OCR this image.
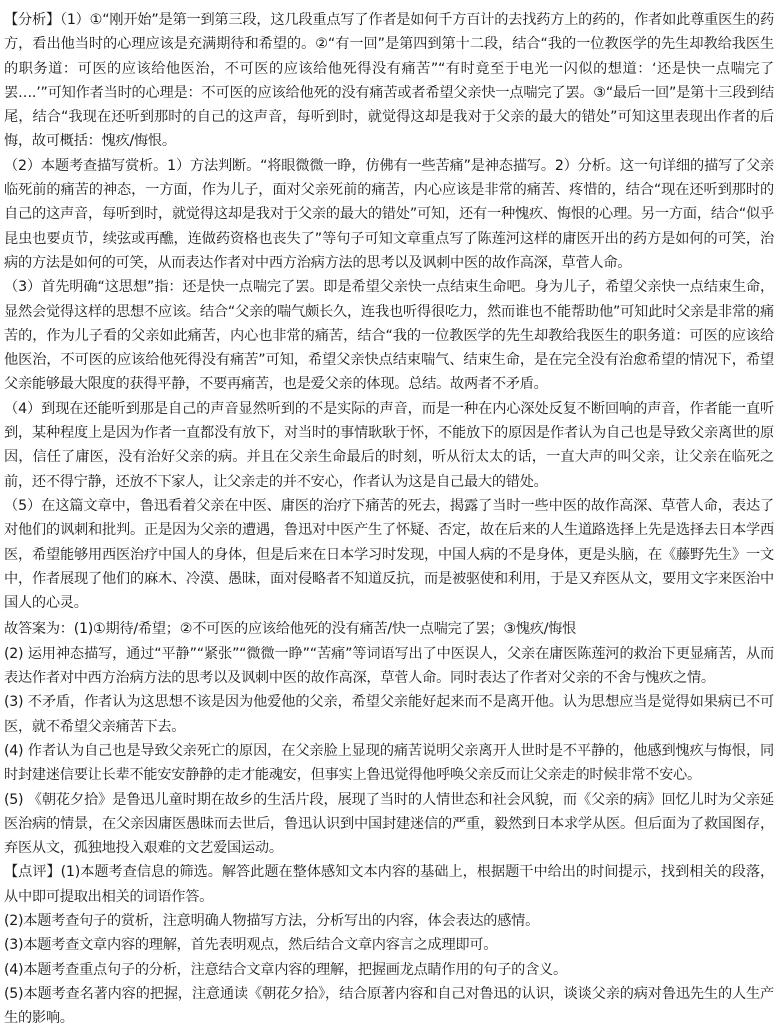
【分析】（1）①“刚开始”是第一到第三段，这几段重点写了作者是如何千方百计的去找药方上的药的，作者如此尊重医生的药方，看出他当时的心理应该是充满期待和希望的。②“有一回”是第四到第十二段，结合“我的一位教医学的先生却教给我医生的职务道：可医的应该给他医治，不可医的应该给他死得没有痛苦”“有时竟至于电光一闪似的想道：‘还是快一点喘完了罢….’”可知作者当时的心理是：不可医的应该给他死的没有痛苦或者希望父亲快一点喘完了罢。③“最后一回”是第十三段到结尾，结合“我现在还听到那时的自己的这声音，每听到时，就觉得这却是我对于父亲的最大的错处”可知这里表现出作者的后悔，故可概括：愧疚/悔恨。

（2）本题考查描写赏析。1）方法判断。“将眼微微一睁，仿佛有一些苦痛”是神态描写。2）分析。这一句详细的描写了父亲临死前的痛苦的神态，一方面，作为儿子，面对父亲死前的痛苦，内心应该是非常的痛苦、疼惜的，结合“现在还听到那时的自己的这声音，每听到时，就觉得这却是我对于父亲的最大的错处”可知，还有一种愧疚、悔恨的心理。另一方面，结合“似乎昆虫也要贞节，续弦或再醮，连做药资格也丧失了”等句子可知文章重点写了陈莲河这样的庸医开出的药方是如何的可笑，治病的方法是如何的可笑，从而表达作者对中西方治病方法的思考以及讽刺中医的故作高深，草菅人命。

（3）首先明确“这思想”指：还是快一点喘完了罢。即是希望父亲快一点结束生命吧。身为儿子，希望父亲快一点结束生命，显然会觉得这样的思想不应该。结合“父亲的喘气颇长久，连我也听得很吃力，然而谁也不能帮助他”可知此时父亲是非常的痛苦的，作为儿子看的父亲如此痛苦，内心也非常的痛苦，结合“我的一位教医学的先生却教给我医生的职务道：可医的应该给他医治，不可医的应该给他死得没有痛苦”可知，希望父亲快点结束喘气、结束生命，是在完全没有治愈希望的情况下，希望父亲能够最大限度的获得平静，不要再痛苦，也是爱父亲的体现。总结。故两者不矛盾。

（4）到现在还能听到那是自己的声音显然听到的不是实际的声音，而是一种在内心深处反复不断回响的声音，作者能一直听到，某种程度上是因为作者一直都没有放下，对当时的事情耿耿于怀，不能放下的原因是作者认为自己也是导致父亲离世的原因，信任了庸医，没有治好父亲的病。并且在父亲生命最后的时刻，听从衍太太的话，一直大声的叫父亲，让父亲在临死之前，还不得宁静，还放不下家人，让父亲走的并不安心，作者认为这是自己最大的错处。

（5）在这篇文章中，鲁迅看着父亲在中医、庸医的治疗下痛苦的死去，揭露了当时一些中医的故作高深、草菅人命，表达了对他们的讽刺和批判。正是因为父亲的遭遇，鲁迅对中医产生了怀疑、否定，故在后来的人生道路选择上先是选择去日本学西医，希望能够用西医治疗中国人的身体，但是后来在日本学习时发现，中国人病的不是身体，更是头脑，在《藤野先生》一文中，作者展现了他们的麻木、冷漠、愚昧，面对侵略者不知道反抗，而是被驱使和利用，于是又弃医从文，要用文字来医治中国人的心灵。

故答案为：(1)①期待/希望；②不可医的应该给他死的没有痛苦/快一点喘完了罢；③愧疚/悔恨

(2) 运用神态描写，通过“平静”“紧张”“微微一睁”“苦痛”等词语写出了中医误人，父亲在庸医陈莲河的救治下更显痛苦，从而表达作者对中西方治病方法的思考以及讽刺中医的故作高深，草菅人命。同时表达了作者对父亲的不舍与愧疚之情。

(3) 不矛盾，作者认为这思想不该是因为他爱他的父亲，希望父亲能好起来而不是离开他。认为思想应当是觉得如果病已不可医，就不希望父亲痛苦下去。

(4) 作者认为自己也是导致父亲死亡的原因，在父亲脸上显现的痛苦说明父亲离开人世时是不平静的，他感到愧疚与悔恨，同时封建迷信要让长辈不能安安静静的走才能魂安，但事实上鲁迅觉得他呼唤父亲反而让父亲走的时候非常不安心。

(5) 《朝花夕拾》是鲁迅儿童时期在故乡的生活片段，展现了当时的人情世态和社会风貌，而《父亲的病》回忆儿时为父亲延医治病的情景，在父亲因庸医愚昧而去世后，鲁迅认识到中国封建迷信的严重，毅然到日本求学从医。但后面为了救国图存，弃医从文，孤独地投入艰难的文艺爱国运动。

【点评】(1)本题考查信息的筛选。解答此题在整体感知文本内容的基础上，根据题干中给出的时间提示，找到相关的段落，从中即可提取出相关的词语作答。

(2)本题考查句子的赏析，注意明确人物描写方法，分析写出的内容，体会表达的感情。

(3)本题考查文章内容的理解，首先表明观点，然后结合文章内容言之成理即可。

(4)本题考查重点句子的分析，注意结合文章内容的理解，把握画龙点睛作用的句子的含义。

(5)本题考查名著内容的把握，注意通读《朝花夕拾》，结合原著内容和自己对鲁迅的认识，谈谈父亲的病对鲁迅先生的人生产生的影响。
